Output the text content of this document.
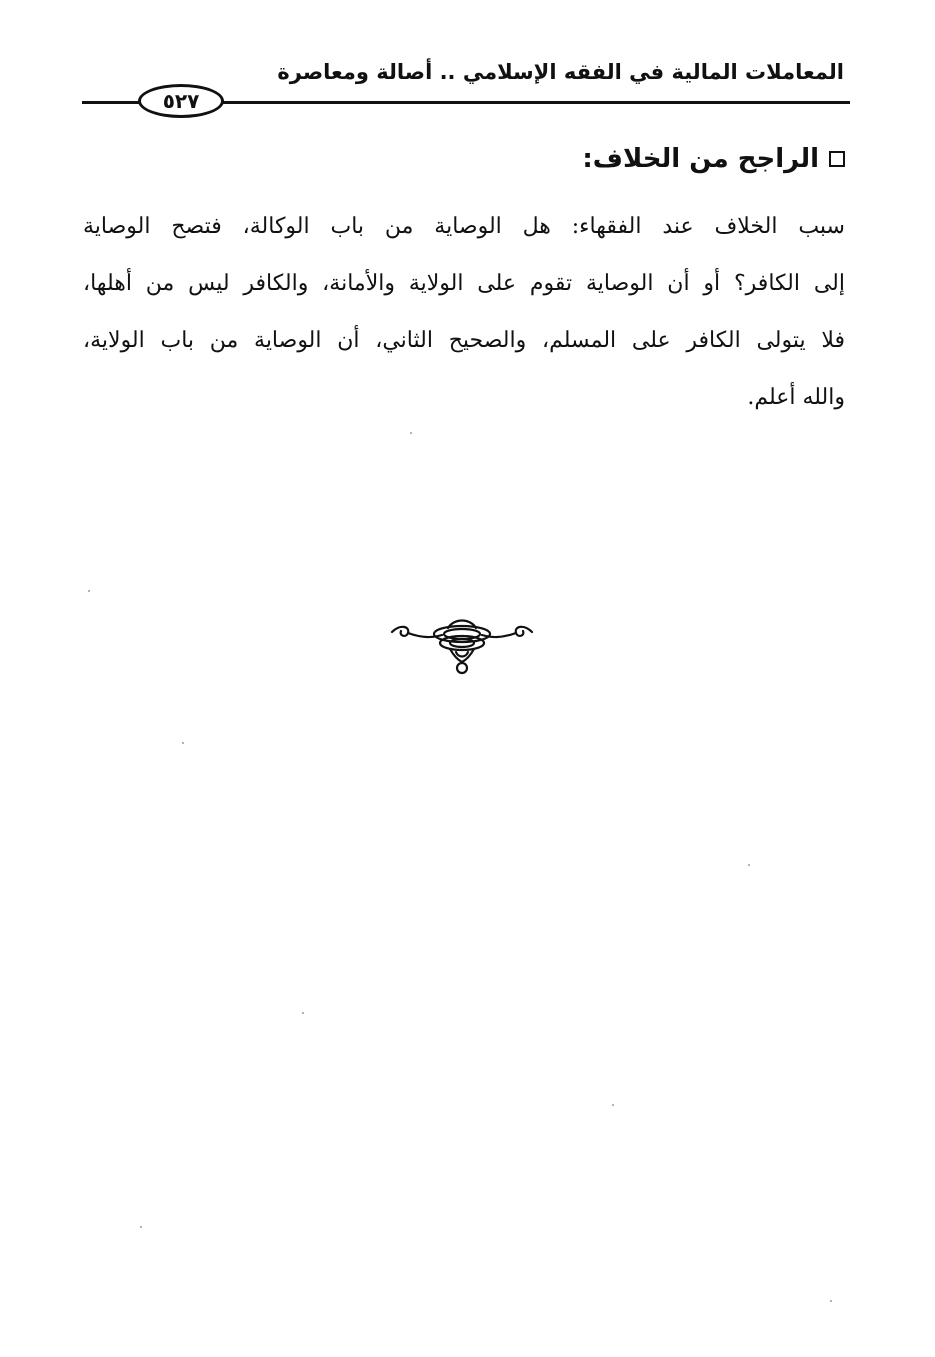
المعاملات المالية في الفقه الإسلامي .. أصالة ومعاصرة
٥٢٧
الراجح من الخلاف:
سبب الخلاف عند الفقهاء: هل الوصاية من باب الوكالة، فتصح الوصاية
إلى الكافر؟ أو أن الوصاية تقوم على الولاية والأمانة، والكافر ليس من أهلها،
فلا يتولى الكافر على المسلم، والصحيح الثاني، أن الوصاية من باب الولاية،
والله أعلم.
